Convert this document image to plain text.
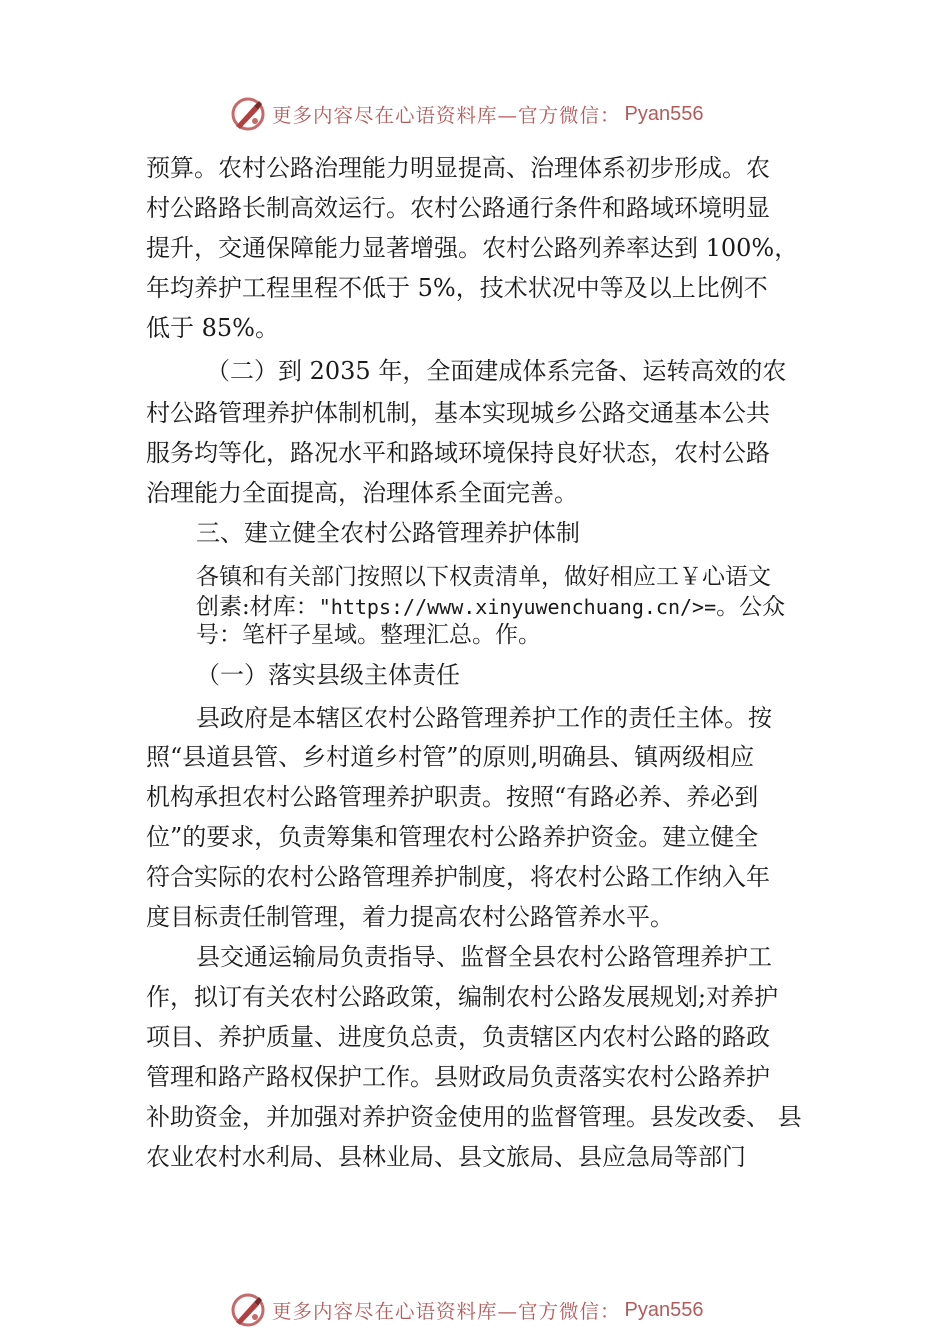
更多内容尽在心语资料库—官方微信： Pyan556
预算。农村公路治理能力明显提高、治理体系初步形成。农
村公路路长制高效运行。农村公路通行条件和路域环境明显
提升，交通保障能力显著增强。农村公路列养率达到 100%，
年均养护工程里程不低于 5%，技术状况中等及以上比例不
低于 85%。
（二）到 2035 年，全面建成体系完备、运转高效的农
村公路管理养护体制机制，基本实现城乡公路交通基本公共
服务均等化，路况水平和路域环境保持良好状态，农村公路
治理能力全面提高，治理体系全面完善。
三、建立健全农村公路管理养护体制
各镇和有关部门按照以下权责清单，做好相应工￥心语文
创素:材库："https://www.xinyuwenchuang.cn/>=。公众
号：笔杆子星域。整理汇总。作。
（一）落实县级主体责任
县政府是本辖区农村公路管理养护工作的责任主体。按
照“县道县管、乡村道乡村管”的原则,明确县、镇两级相应
机构承担农村公路管理养护职责。按照“有路必养、养必到
位”的要求，负责筹集和管理农村公路养护资金。建立健全
符合实际的农村公路管理养护制度，将农村公路工作纳入年
度目标责任制管理，着力提高农村公路管养水平。
县交通运输局负责指导、监督全县农村公路管理养护工
作，拟订有关农村公路政策，编制农村公路发展规划;对养护
项目、养护质量、进度负总责，负责辖区内农村公路的路政
管理和路产路权保护工作。县财政局负责落实农村公路养护
补助资金，并加强对养护资金使用的监督管理。县发改委、 县
农业农村水利局、县林业局、县文旅局、县应急局等部门
更多内容尽在心语资料库—官方微信： Pyan556
